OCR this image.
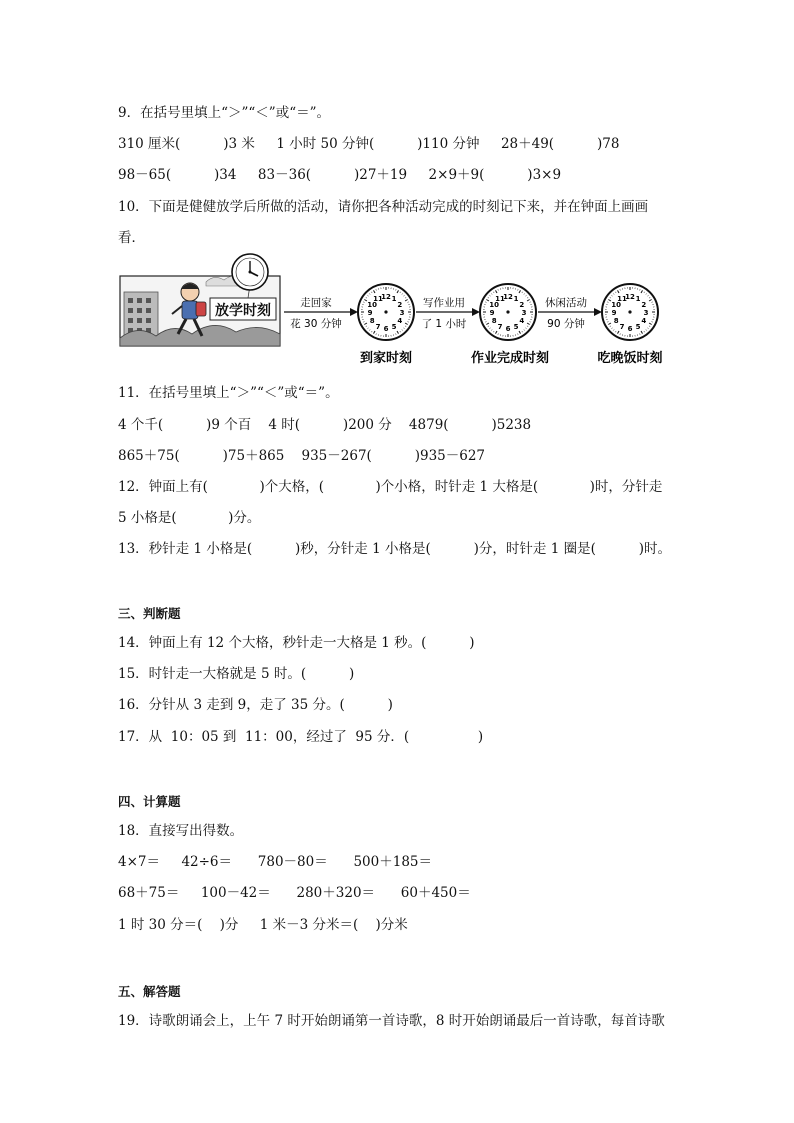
9．在括号里填上“＞”“＜”或“＝”。
310 厘米(          )3 米     1 小时 50 分钟(          )110 分钟     28＋49(          )78
98－65(          )34     83－36(          )27＋19     2×9＋9(          )3×9
10．下面是健健放学后所做的活动，请你把各种活动完成的时刻记下来，并在钟面上画画
看．
放学时刻	走回家
花 30 分钟
写作业用
了 1 小时
休闲活动
90 分钟
12 1
2
3
4
5
6
7
8
9
10
11	12 1
2
3
4
5
6
7
8
9
10
11	12 1
2
3
4
5
6
7
8
9
10
11
到家时刻	作业完成时刻	吃晚饭时刻
11．在括号里填上“＞”“＜”或“＝”。
4 个千(          )9 个百    4 时(          )200 分    4879(          )5238
865＋75(          )75＋865    935－267(          )935－627
12．钟面上有(            )个大格，(            )个小格，时针走 1 大格是(            )时，分针走
5 小格是(            )分。
13．秒针走 1 小格是(          )秒，分针走 1 小格是(          )分，时针走 1 圈是(          )时。
三、判断题
14．钟面上有 12 个大格，秒针走一大格是 1 秒。(          )
15．时针走一大格就是 5 时。(          )
16．分针从 3 走到 9，走了 35 分。(          )
17．从  10：05 到  11：00，经过了  95 分．(                )
四、计算题
18．直接写出得数。
4×7＝     42÷6＝      780－80＝      500＋185＝
68＋75＝     100－42＝      280＋320＝      60＋450＝
1 时 30 分＝(    )分     1 米－3 分米＝(    )分米
五、解答题
19．诗歌朗诵会上，上午 7 时开始朗诵第一首诗歌，8 时开始朗诵最后一首诗歌，每首诗歌
